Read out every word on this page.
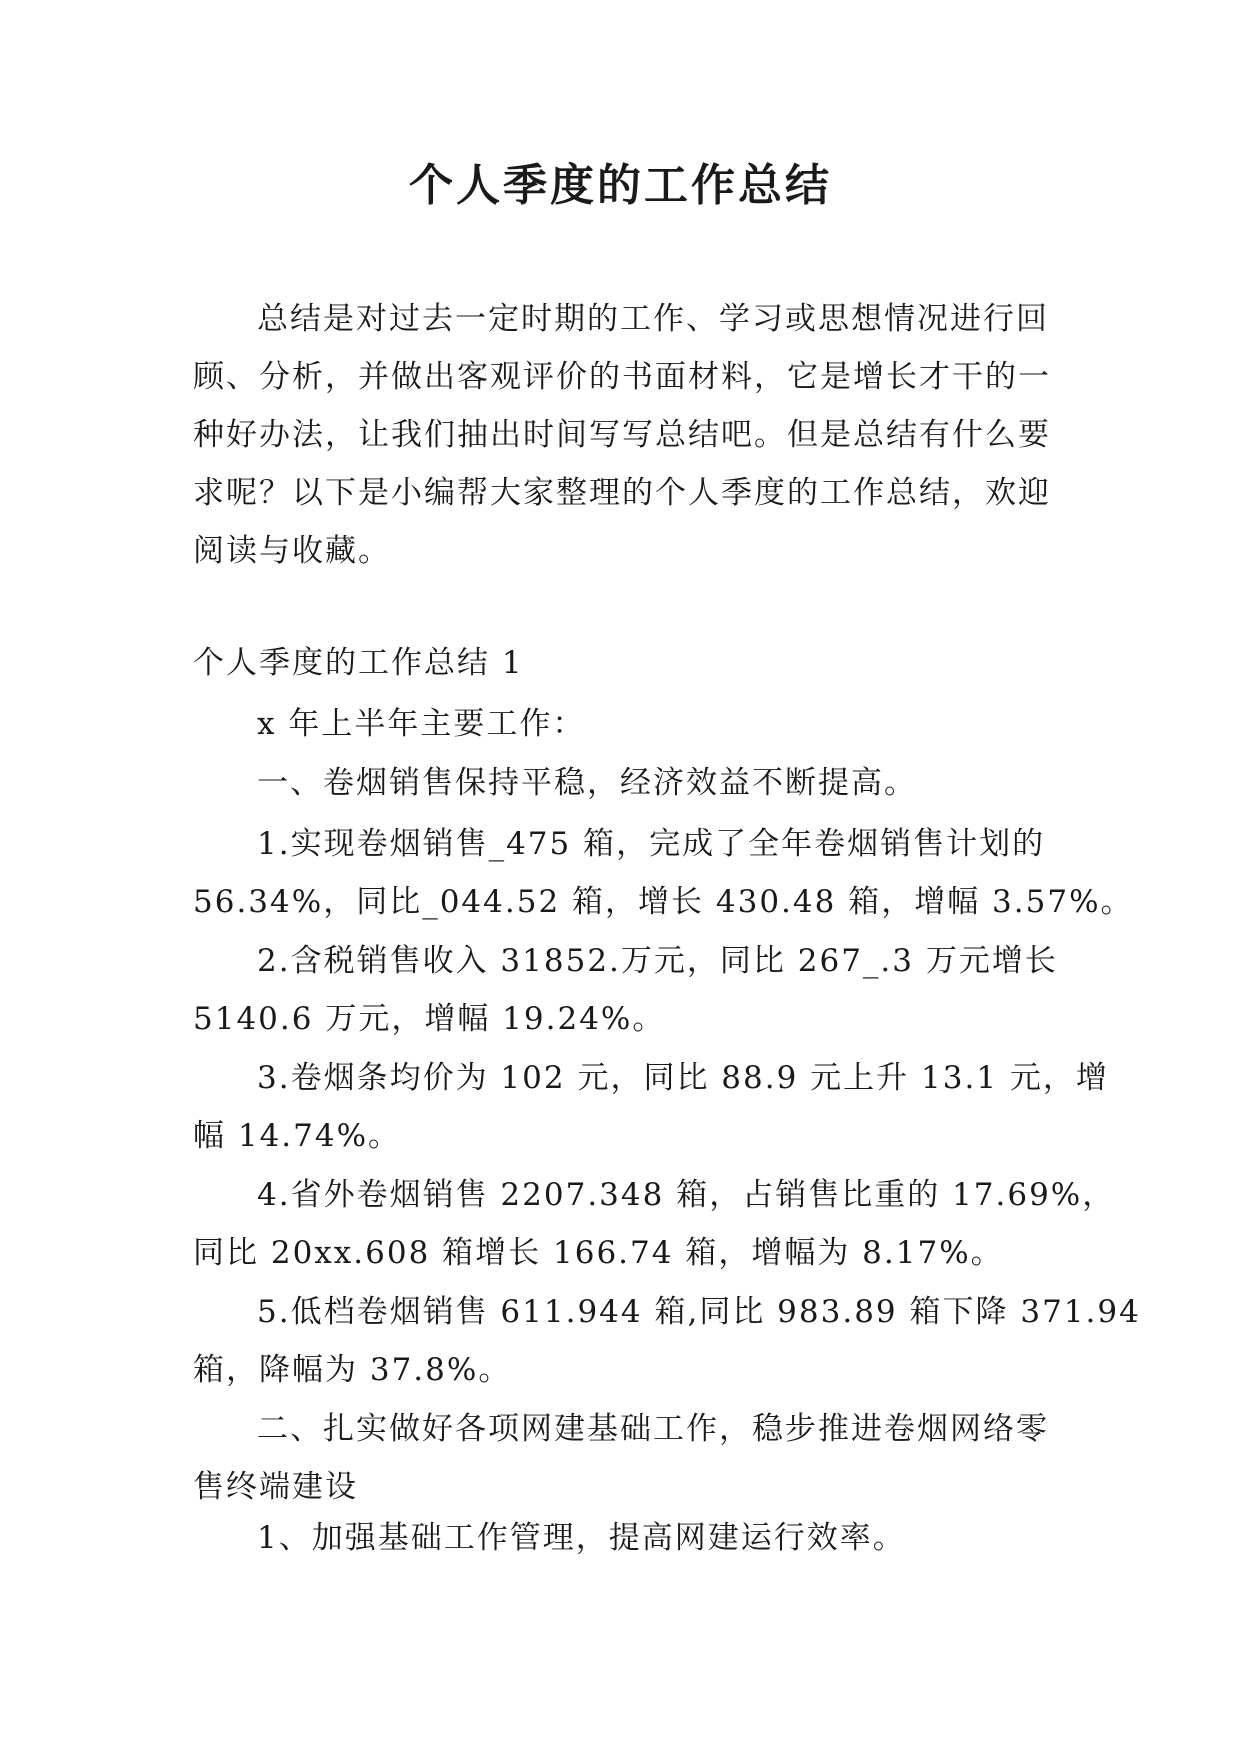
个人季度的工作总结

总结是对过去一定时期的工作、学习或思想情况进行回
顾、分析，并做出客观评价的书面材料，它是增长才干的一
种好办法，让我们抽出时间写写总结吧。但是总结有什么要
求呢？以下是小编帮大家整理的个人季度的工作总结，欢迎
阅读与收藏。

个人季度的工作总结 1

x 年上半年主要工作：

一、卷烟销售保持平稳，经济效益不断提高。

1.实现卷烟销售_475 箱，完成了全年卷烟销售计划的
56.34%，同比_044.52 箱，增长 430.48 箱，增幅 3.57%。

2.含税销售收入 31852.万元，同比 267_.3 万元增长
5140.6 万元，增幅 19.24%。

3.卷烟条均价为 102 元，同比 88.9 元上升 13.1 元，增
幅 14.74%。

4.省外卷烟销售 2207.348 箱，占销售比重的 17.69%，
同比 20xx.608 箱增长 166.74 箱，增幅为 8.17%。

5.低档卷烟销售 611.944 箱,同比 983.89 箱下降 371.94
箱，降幅为 37.8%。

二、扎实做好各项网建基础工作，稳步推进卷烟网络零
售终端建设

1、加强基础工作管理，提高网建运行效率。
